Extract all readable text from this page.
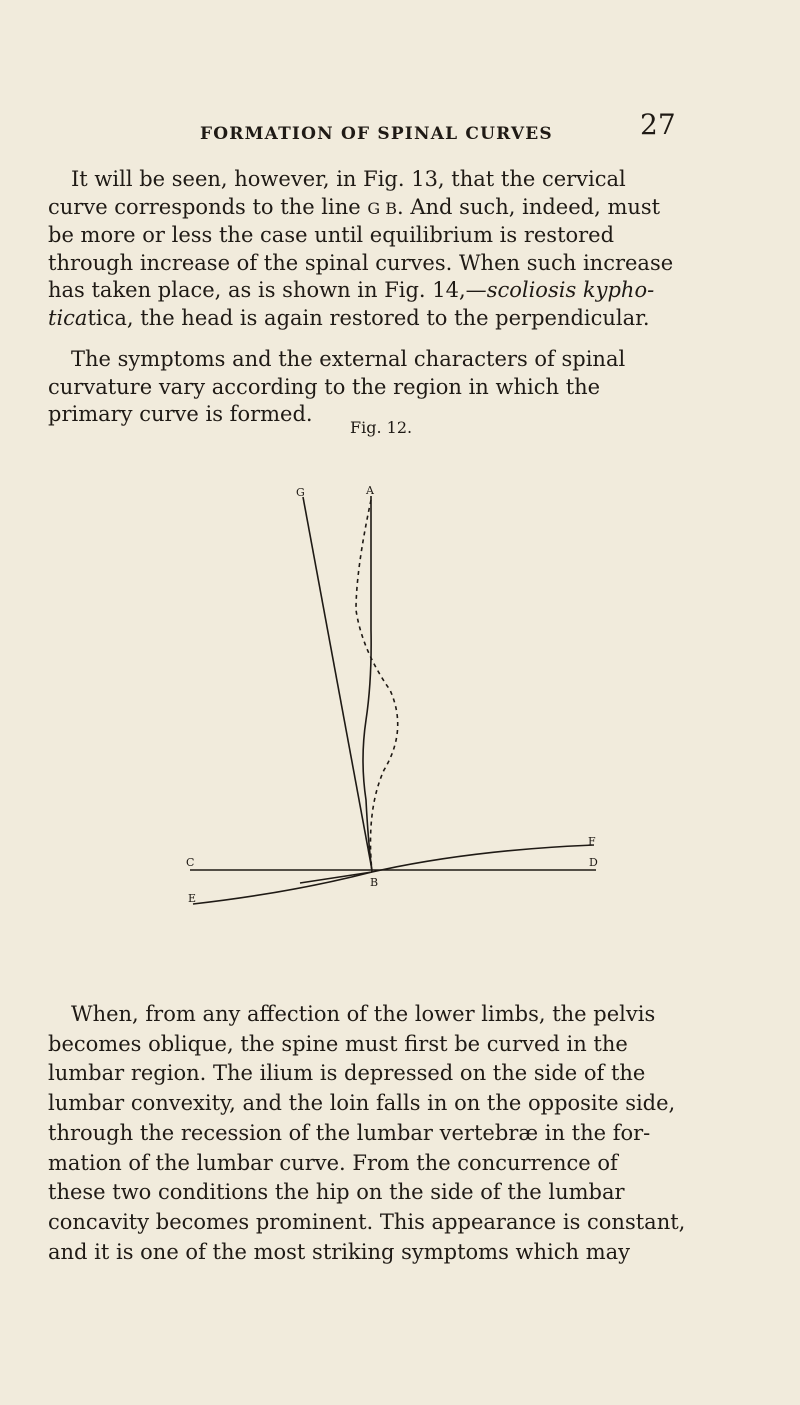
FORMATION OF SPINAL CURVES	27

It will be seen, however, in Fig. 13, that the cervical
curve corresponds to the line G B. And such, indeed, must
be more or less the case until equilibrium is restored
through increase of the spinal curves. When such increase
has taken place, as is shown in Fig. 14,—scoliosis kypho-
ticatica, the head is again restored to the perpendicular.

The symptoms and the external characters of spinal
curvature vary according to the region in which the
primary curve is formed.

Fig. 12.
G	A
C	D
F
B
E

When, from any affection of the lower limbs, the pelvis
becomes oblique, the spine must first be curved in the
lumbar region. The ilium is depressed on the side of the
lumbar convexity, and the loin falls in on the opposite side,
through the recession of the lumbar vertebræ in the for-
mation of the lumbar curve. From the concurrence of
these two conditions the hip on the side of the lumbar
concavity becomes prominent. This appearance is constant,
and it is one of the most striking symptoms which may
